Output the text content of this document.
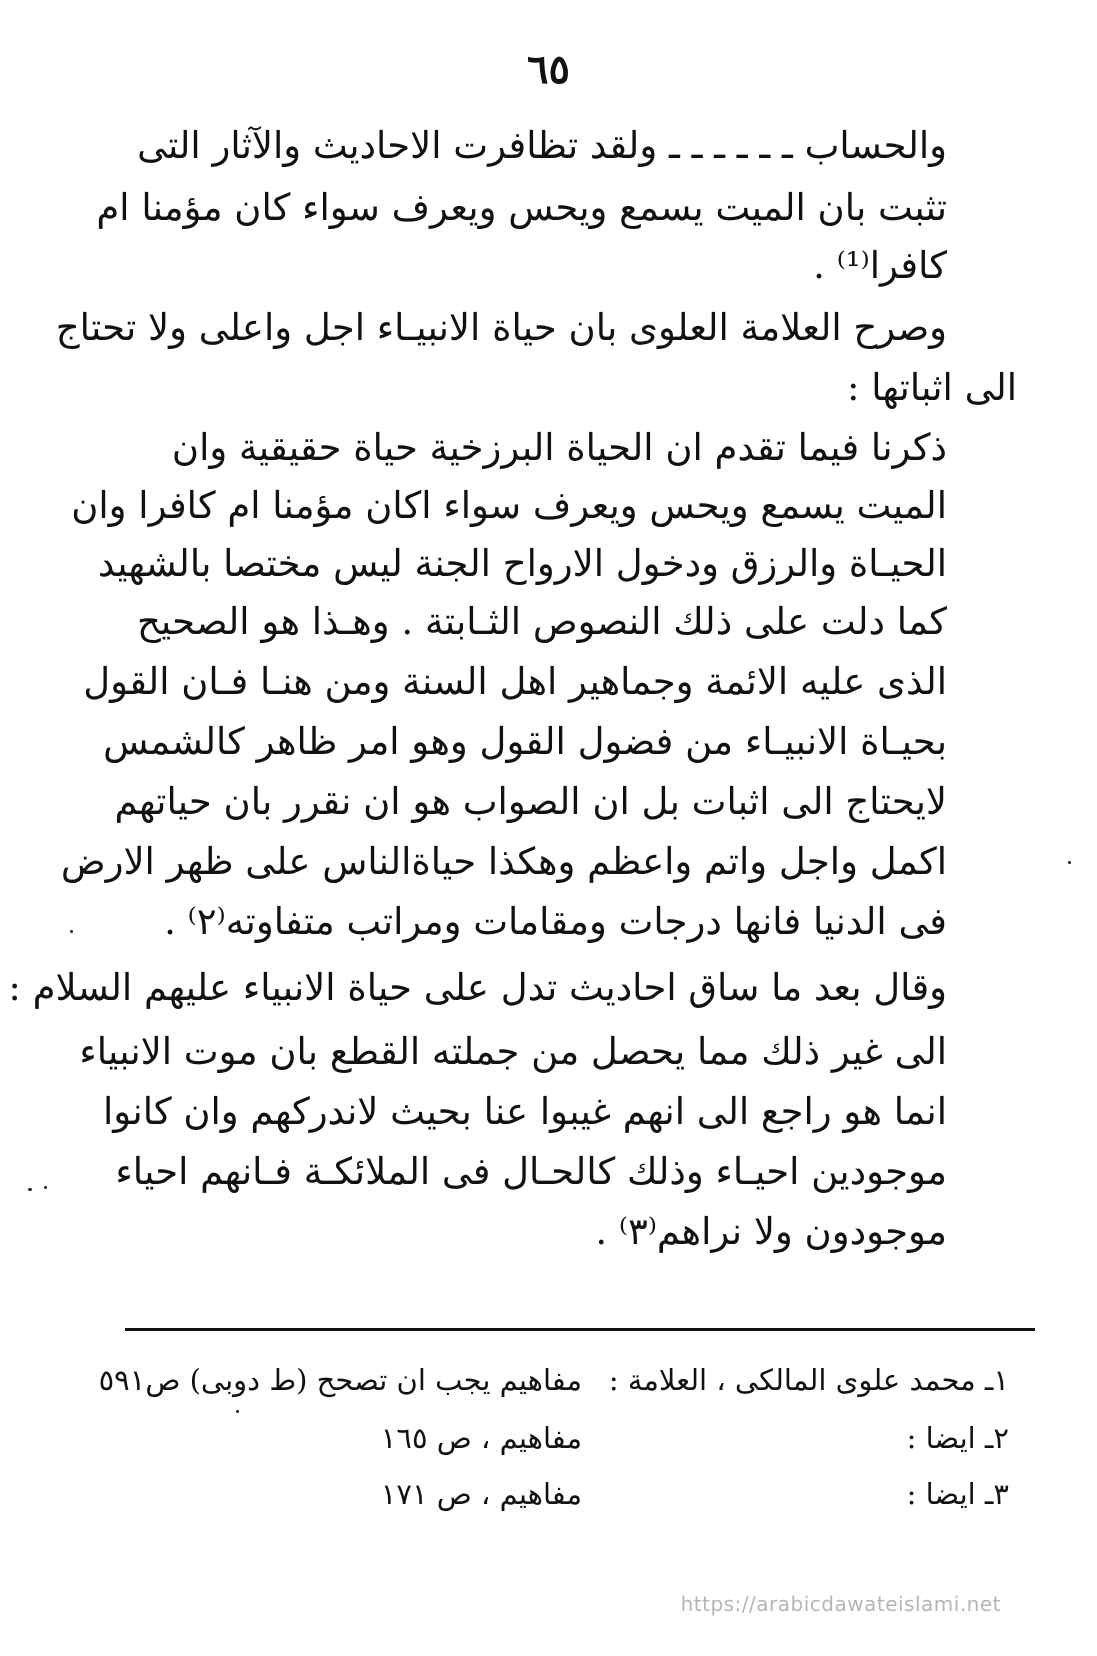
٦٥
والحساب ـ ـ ـ ـ ـ ـ ولقد تظافرت الاحاديث والآثار التى
تثبت بان الميت يسمع ويحس ويعرف سواء كان مؤمنا ام
كافرا⁽¹⁾ .
وصرح العلامة العلوى بان حياة الانبيـاء اجل واعلى ولا تحتاج
الى اثباتها :
ذكرنا فيما تقدم ان الحياة البرزخية حياة حقيقية وان
الميت يسمع ويحس ويعرف سواء اكان مؤمنا ام كافرا وان
الحيـاة والرزق ودخول الارواح الجنة ليس مختصا بالشهيد
كما دلت على ذلك النصوص الثـابتة . وهـذا هو الصحيح
الذى عليه الائمة وجماهير اهل السنة ومن هنـا فـان القول
بحيـاة الانبيـاء من فضول القول وهو امر ظاهر كالشمس
لايحتاج الى اثبات بل ان الصواب هو ان نقرر بان حياتهم
اكمل واجل واتم واعظم وهكذا حياةالناس على ظهر الارض
فى الدنيا فانها درجات ومقامات ومراتب متفاوته⁽٢⁾ .
وقال بعد ما ساق احاديث تدل على حياة الانبياء عليهم السلام :
الى غير ذلك مما يحصل من جملته القطع بان موت الانبياء
انما هو راجع الى انهم غيبوا عنا بحيث لاندركهم وان كانوا
موجودين احيـاء وذلك كالحـال فى الملائكـة فـانهم احياء
موجودون ولا نراهم⁽٣⁾ .
١ـ محمد علوى المالكى ، العلامة :
مفاهيم يجب ان تصحح (ط دوبى) ص٥٩١
٢ـ ايضا :
مفاهيم ، ص ١٦٥
٣ـ ايضا :
مفاهيم ، ص ١٧١
https://arabicdawateislami.net
